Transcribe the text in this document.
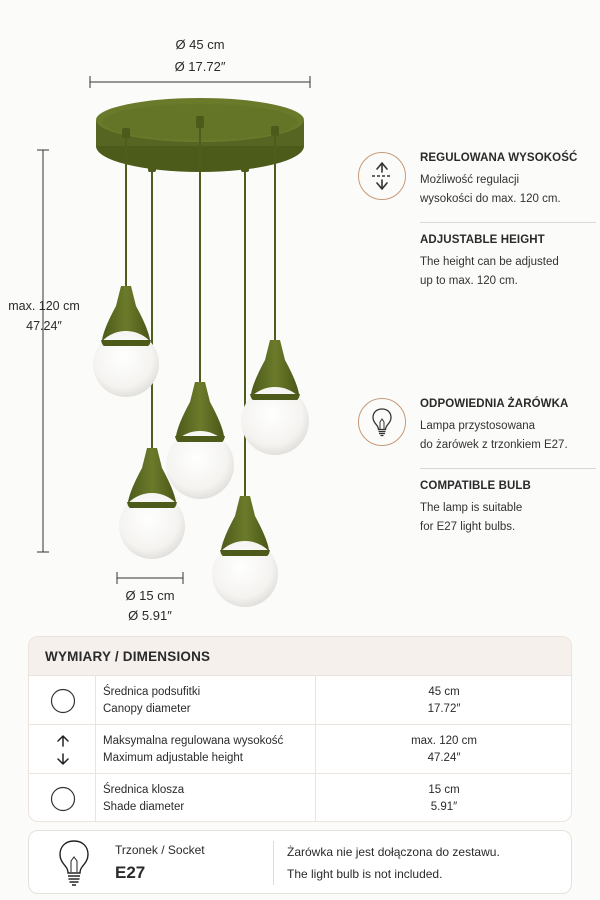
Ø 45 cm
Ø 17.72″
max. 120 cm
47.24″
Ø 15 cm
Ø 5.91″
REGULOWANA WYSOKOŚĆ
Możliwość regulacji
wysokości do max. 120 cm.
ADJUSTABLE HEIGHT
The height can be adjusted
up to max. 120 cm.
ODPOWIEDNIA ŻARÓWKA
Lampa przystosowana
do żarówek z trzonkiem E27.
COMPATIBLE BULB
The lamp is suitable
for E27 light bulbs.
WYMIARY / DIMENSIONS
Średnica podsufitki
Canopy diameter
45 cm
17.72″
Maksymalna regulowana wysokość
Maximum adjustable height
max. 120 cm
47.24″
Średnica klosza
Shade diameter
15 cm
5.91″
Trzonek / Socket
E27
Żarówka nie jest dołączona do zestawu.
The light bulb is not included.
